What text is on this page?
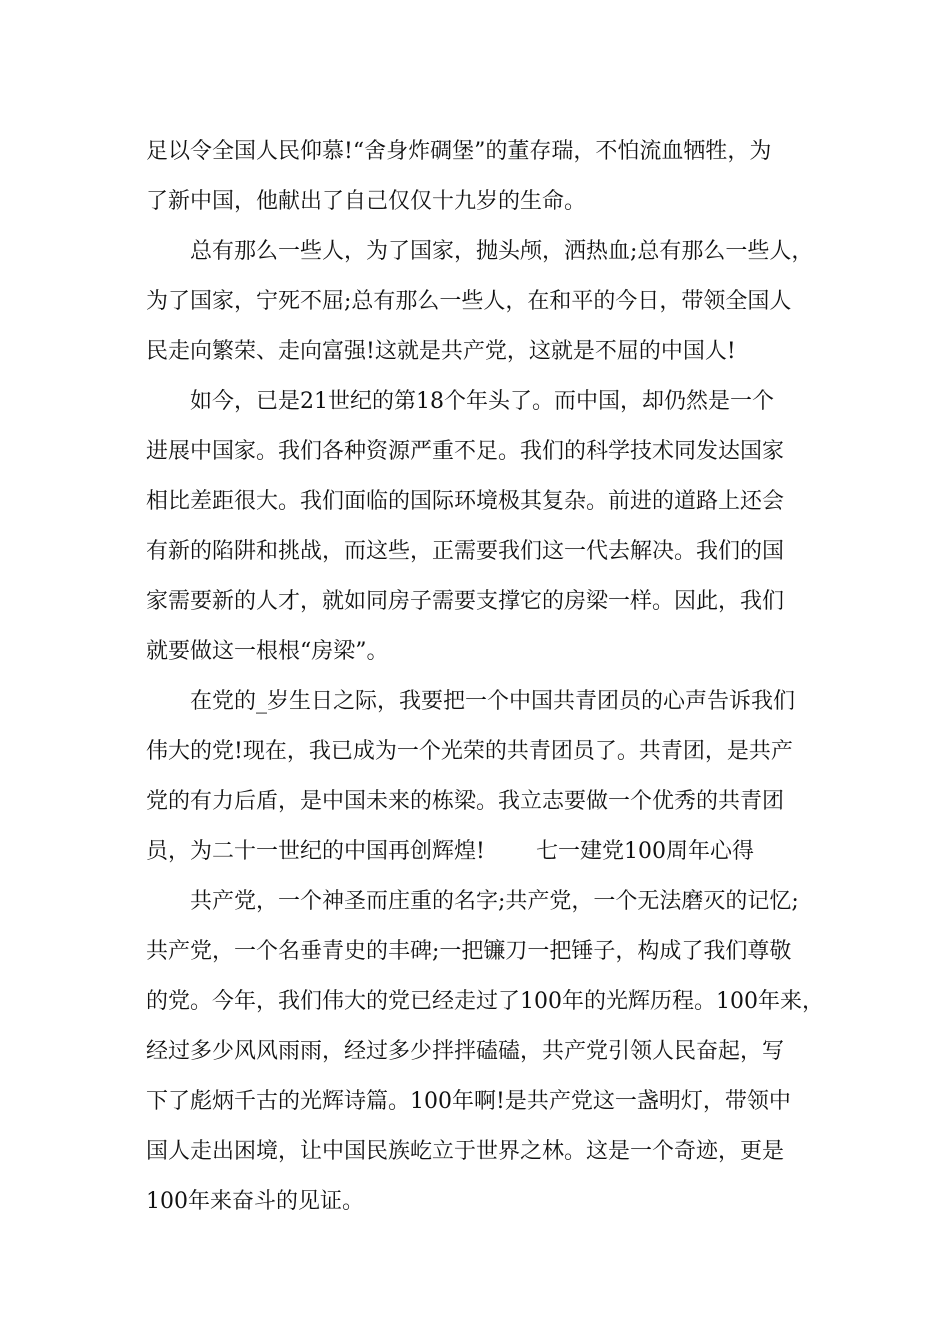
足以令全国人民仰慕!“舍身炸碉堡”的董存瑞，不怕流血牺牲，为

了新中国，他献出了自己仅仅十九岁的生命。

总有那么一些人，为了国家，抛头颅，洒热血;总有那么一些人，

为了国家，宁死不屈;总有那么一些人，在和平的今日，带领全国人

民走向繁荣、走向富强!这就是共产党，这就是不屈的中国人!

如今，已是21世纪的第18个年头了。而中国，却仍然是一个

进展中国家。我们各种资源严重不足。我们的科学技术同发达国家

相比差距很大。我们面临的国际环境极其复杂。前进的道路上还会

有新的陷阱和挑战，而这些，正需要我们这一代去解决。我们的国

家需要新的人才，就如同房子需要支撑它的房梁一样。因此，我们

就要做这一根根“房梁”。

在党的_岁生日之际，我要把一个中国共青团员的心声告诉我们

伟大的党!现在，我已成为一个光荣的共青团员了。共青团，是共产

党的有力后盾，是中国未来的栋梁。我立志要做一个优秀的共青团

员，为二十一世纪的中国再创辉煌! 七一建党100周年心得

共产党，一个神圣而庄重的名字;共产党，一个无法磨灭的记忆;

共产党，一个名垂青史的丰碑;一把镰刀一把锤子，构成了我们尊敬

的党。今年，我们伟大的党已经走过了100年的光辉历程。100年来，

经过多少风风雨雨，经过多少拌拌磕磕，共产党引领人民奋起，写

下了彪炳千古的光辉诗篇。100年啊!是共产党这一盏明灯，带领中

国人走出困境，让中国民族屹立于世界之林。这是一个奇迹，更是

100年来奋斗的见证。
